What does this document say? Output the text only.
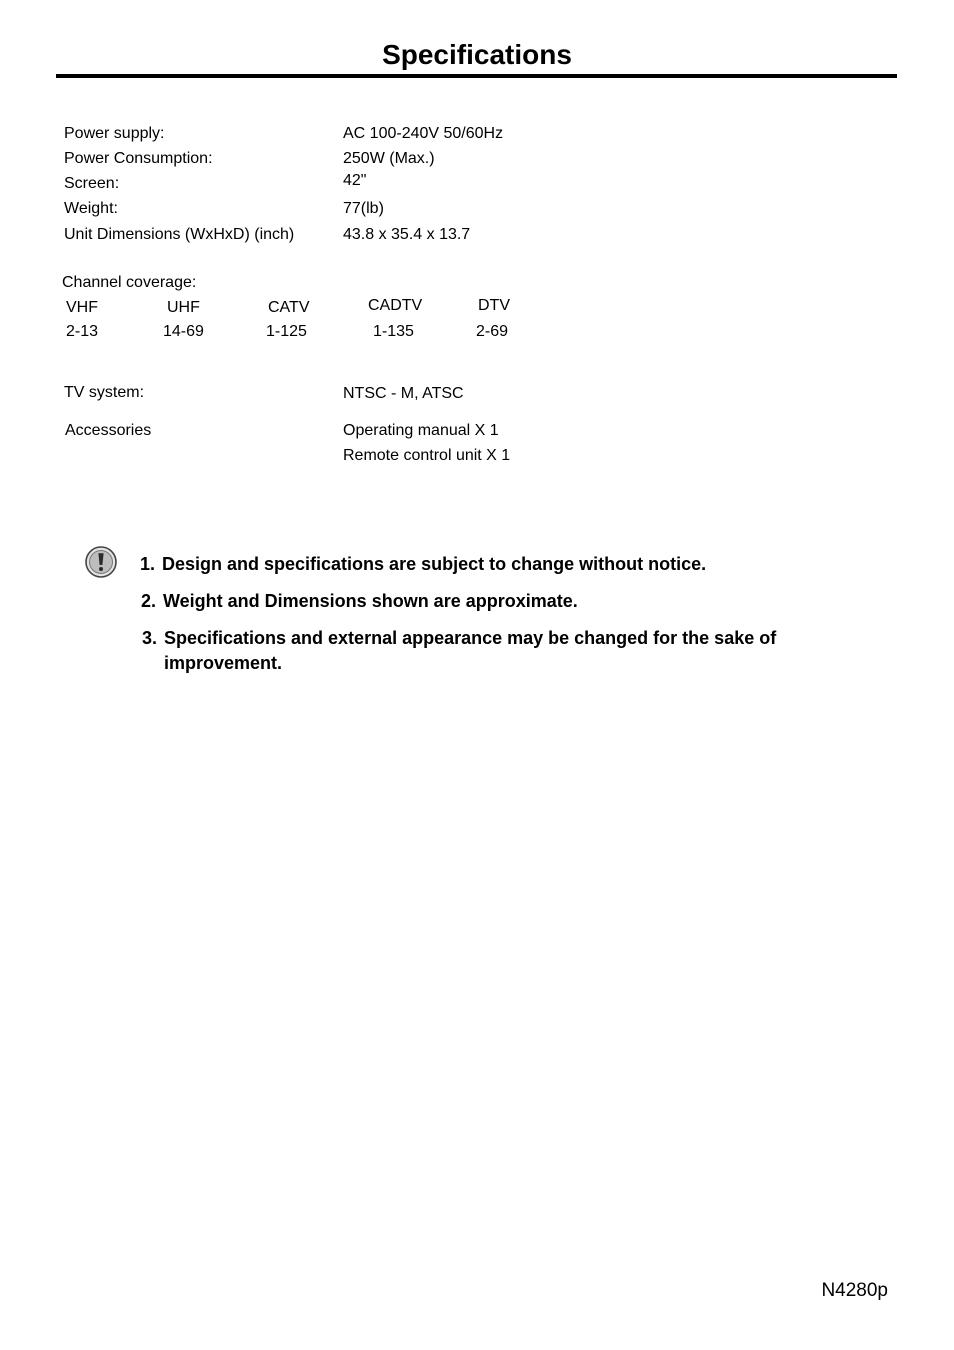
Specifications
Power supply:	AC 100-240V 50/60Hz
Power Consumption:	250W (Max.)
Screen:	42"
Weight:	77(lb)
Unit Dimensions (WxHxD) (inch)	43.8 x 35.4 x 13.7
Channel coverage:
VHF	UHF	CATV	CADTV	DTV
2-13	14-69	1-125	1-135	2-69
TV system:	NTSC - M, ATSC
Accessories	Operating manual X 1
Remote control unit X 1
1. Design and specifications are subject to change without notice.
2. Weight and Dimensions shown are approximate.
3. Specifications and external appearance may be changed for the sake of
improvement.
N4280p
